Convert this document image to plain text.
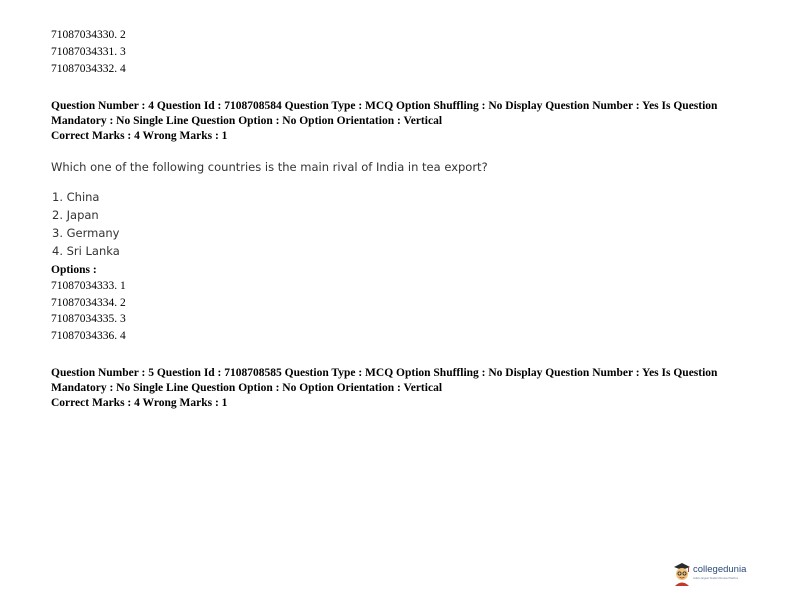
71087034330. 2
71087034331. 3
71087034332. 4
Question Number : 4 Question Id : 7108708584 Question Type : MCQ Option Shuffling : No Display Question Number : Yes Is Question
Mandatory : No Single Line Question Option : No Option Orientation : Vertical
Correct Marks : 4 Wrong Marks : 1
Which one of the following countries is the main rival of India in tea export?
1. China
2. Japan
3. Germany
4. Sri Lanka
Options :
71087034333. 1
71087034334. 2
71087034335. 3
71087034336. 4
Question Number : 5 Question Id : 7108708585 Question Type : MCQ Option Shuffling : No Display Question Number : Yes Is Question
Mandatory : No Single Line Question Option : No Option Orientation : Vertical
Correct Marks : 4 Wrong Marks : 1
collegedunia
India's largest Student Review Platform
